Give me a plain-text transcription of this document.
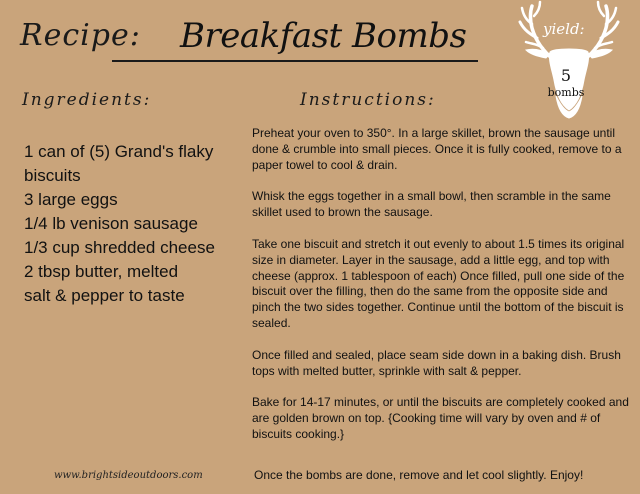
Recipe: Breakfast Bombs	yield:
5
bombs
Ingredients:	Instructions:
1 can of (5) Grand's flaky biscuits
3 large eggs
1/4 lb venison sausage
1/3 cup shredded cheese
2 tbsp butter, melted
salt & pepper to taste

Preheat your oven to 350°. In a large skillet, brown the sausage until done & crumble into small pieces. Once it is fully cooked, remove to a paper towel to cool & drain.

Whisk the eggs together in a small bowl, then scramble in the same skillet used to brown the sausage.

Take one biscuit and stretch it out evenly to about 1.5 times its original size in diameter. Layer in the sausage, add a little egg, and top with cheese (approx. 1 tablespoon of each) Once filled, pull one side of the biscuit over the filling, then do the same from the opposite side and pinch the two sides together. Continue until the bottom of the biscuit is sealed.

Once filled and sealed, place seam side down in a baking dish. Brush tops with melted butter, sprinkle with salt & pepper.

Bake for 14-17 minutes, or until the biscuits are completely cooked and are golden brown on top. {Cooking time will vary by oven and # of biscuits cooking.}

Once the bombs are done, remove and let cool slightly. Enjoy!
www.brightsideoutdoors.com
